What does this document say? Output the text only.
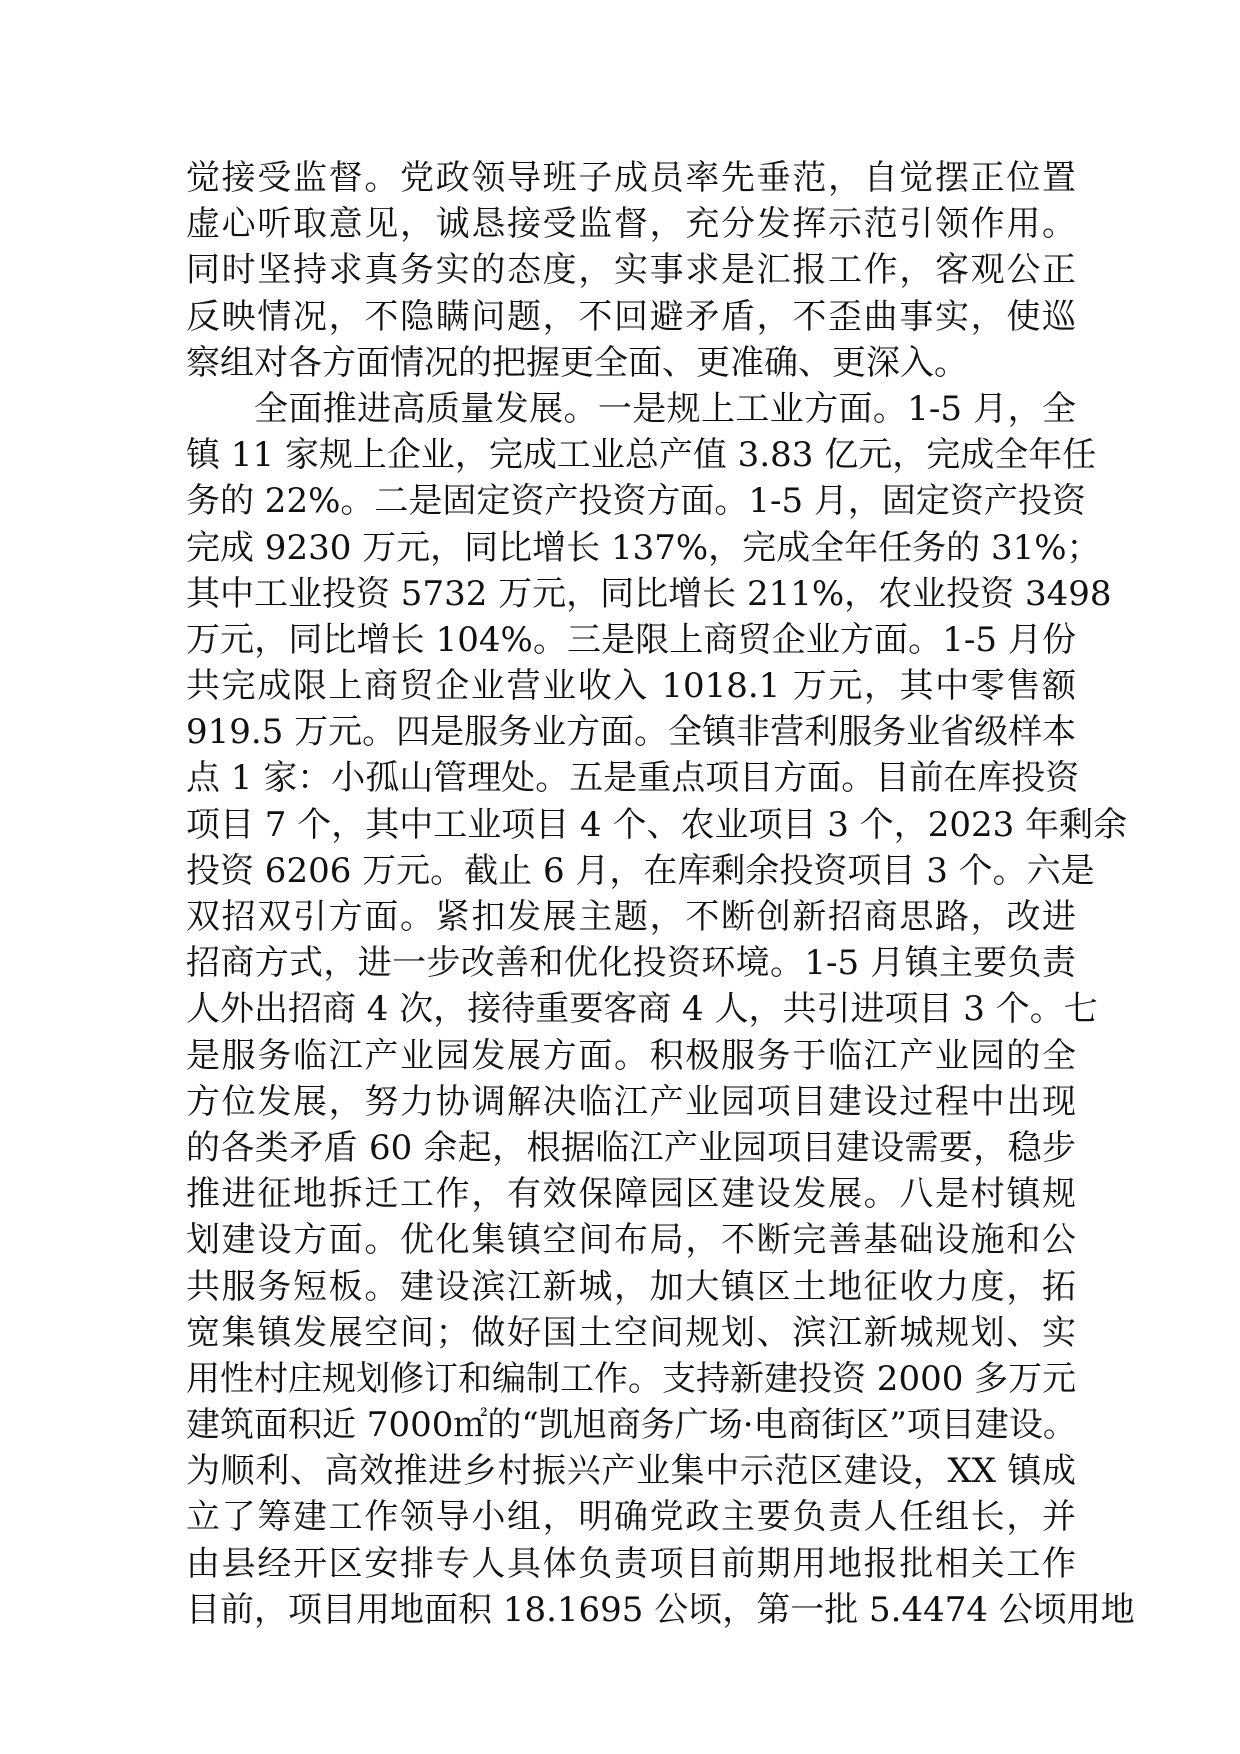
觉接受监督。党政领导班子成员率先垂范，自觉摆正位置
虚心听取意见，诚恳接受监督，充分发挥示范引领作用。
同时坚持求真务实的态度，实事求是汇报工作，客观公正
反映情况，不隐瞒问题，不回避矛盾，不歪曲事实，使巡
察组对各方面情况的把握更全面、更准确、更深入。
全面推进高质量发展。一是规上工业方面。1-5 月，全
镇 11 家规上企业，完成工业总产值 3.83 亿元，完成全年任
务的 22%。二是固定资产投资方面。1-5 月，固定资产投资
完成 9230 万元，同比增长 137%，完成全年任务的 31%；
其中工业投资 5732 万元，同比增长 211%，农业投资 3498
万元，同比增长 104%。三是限上商贸企业方面。1-5 月份
共完成限上商贸企业营业收入 1018.1 万元，其中零售额
919.5 万元。四是服务业方面。全镇非营利服务业省级样本
点 1 家：小孤山管理处。五是重点项目方面。目前在库投资
项目 7 个，其中工业项目 4 个、农业项目 3 个，2023 年剩余
投资 6206 万元。截止 6 月，在库剩余投资项目 3 个。六是
双招双引方面。紧扣发展主题，不断创新招商思路，改进
招商方式，进一步改善和优化投资环境。1-5 月镇主要负责
人外出招商 4 次，接待重要客商 4 人，共引进项目 3 个。七
是服务临江产业园发展方面。积极服务于临江产业园的全
方位发展，努力协调解决临江产业园项目建设过程中出现
的各类矛盾 60 余起，根据临江产业园项目建设需要，稳步
推进征地拆迁工作，有效保障园区建设发展。八是村镇规
划建设方面。优化集镇空间布局，不断完善基础设施和公
共服务短板。建设滨江新城，加大镇区土地征收力度，拓
宽集镇发展空间；做好国土空间规划、滨江新城规划、实
用性村庄规划修订和编制工作。支持新建投资 2000 多万元
建筑面积近 7000㎡的“凯旭商务广场·电商街区”项目建设。
为顺利、高效推进乡村振兴产业集中示范区建设，XX 镇成
立了筹建工作领导小组，明确党政主要负责人任组长，并
由县经开区安排专人具体负责项目前期用地报批相关工作
目前，项目用地面积 18.1695 公顷，第一批 5.4474 公顷用地
